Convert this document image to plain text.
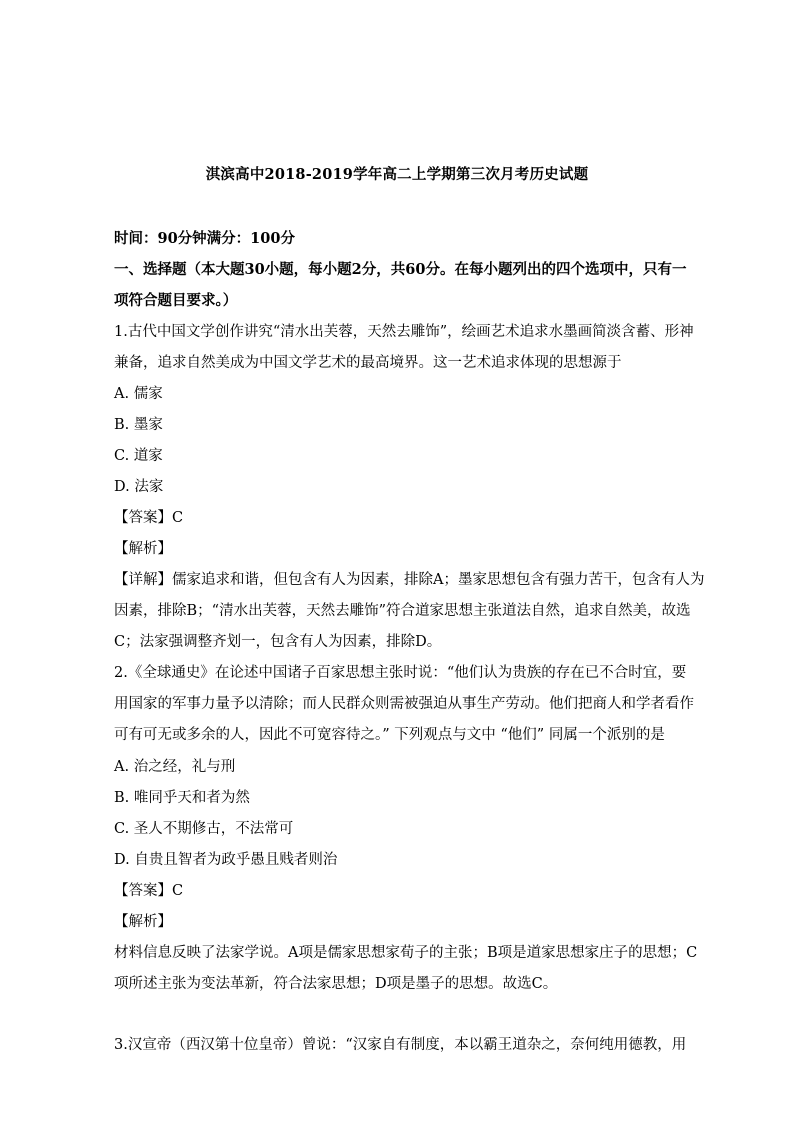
淇滨高中2018-2019学年高二上学期第三次月考历史试题
时间：90分钟满分：100分
一、选择题（本大题30小题，每小题2分，共60分。在每小题列出的四个选项中，只有一
项符合题目要求。）
1.古代中国文学创作讲究“清水出芙蓉，天然去雕饰”，绘画艺术追求水墨画简淡含蓄、形神
兼备，追求自然美成为中国文学艺术的最高境界。这一艺术追求体现的思想源于
A. 儒家
B. 墨家
C. 道家
D. 法家
【答案】C
【解析】
【详解】儒家追求和谐，但包含有人为因素，排除A；墨家思想包含有强力苦干，包含有人为
因素，排除B；“清水出芙蓉，天然去雕饰”符合道家思想主张道法自然，追求自然美，故选
C；法家强调整齐划一，包含有人为因素，排除D。
2.《全球通史》在论述中国诸子百家思想主张时说：“他们认为贵族的存在已不合时宜，要
用国家的军事力量予以清除；而人民群众则需被强迫从事生产劳动。他们把商人和学者看作
可有可无或多余的人，因此不可宽容待之。” 下列观点与文中 “他们” 同属一个派别的是
A. 治之经，礼与刑
B. 唯同乎天和者为然
C. 圣人不期修古，不法常可
D. 自贵且智者为政乎愚且贱者则治
【答案】C
【解析】
材料信息反映了法家学说。A项是儒家思想家荀子的主张；B项是道家思想家庄子的思想；C
项所述主张为变法革新，符合法家思想；D项是墨子的思想。故选C。
3.汉宣帝（西汉第十位皇帝）曾说：“汉家自有制度，本以霸王道杂之，奈何纯用德教，用
